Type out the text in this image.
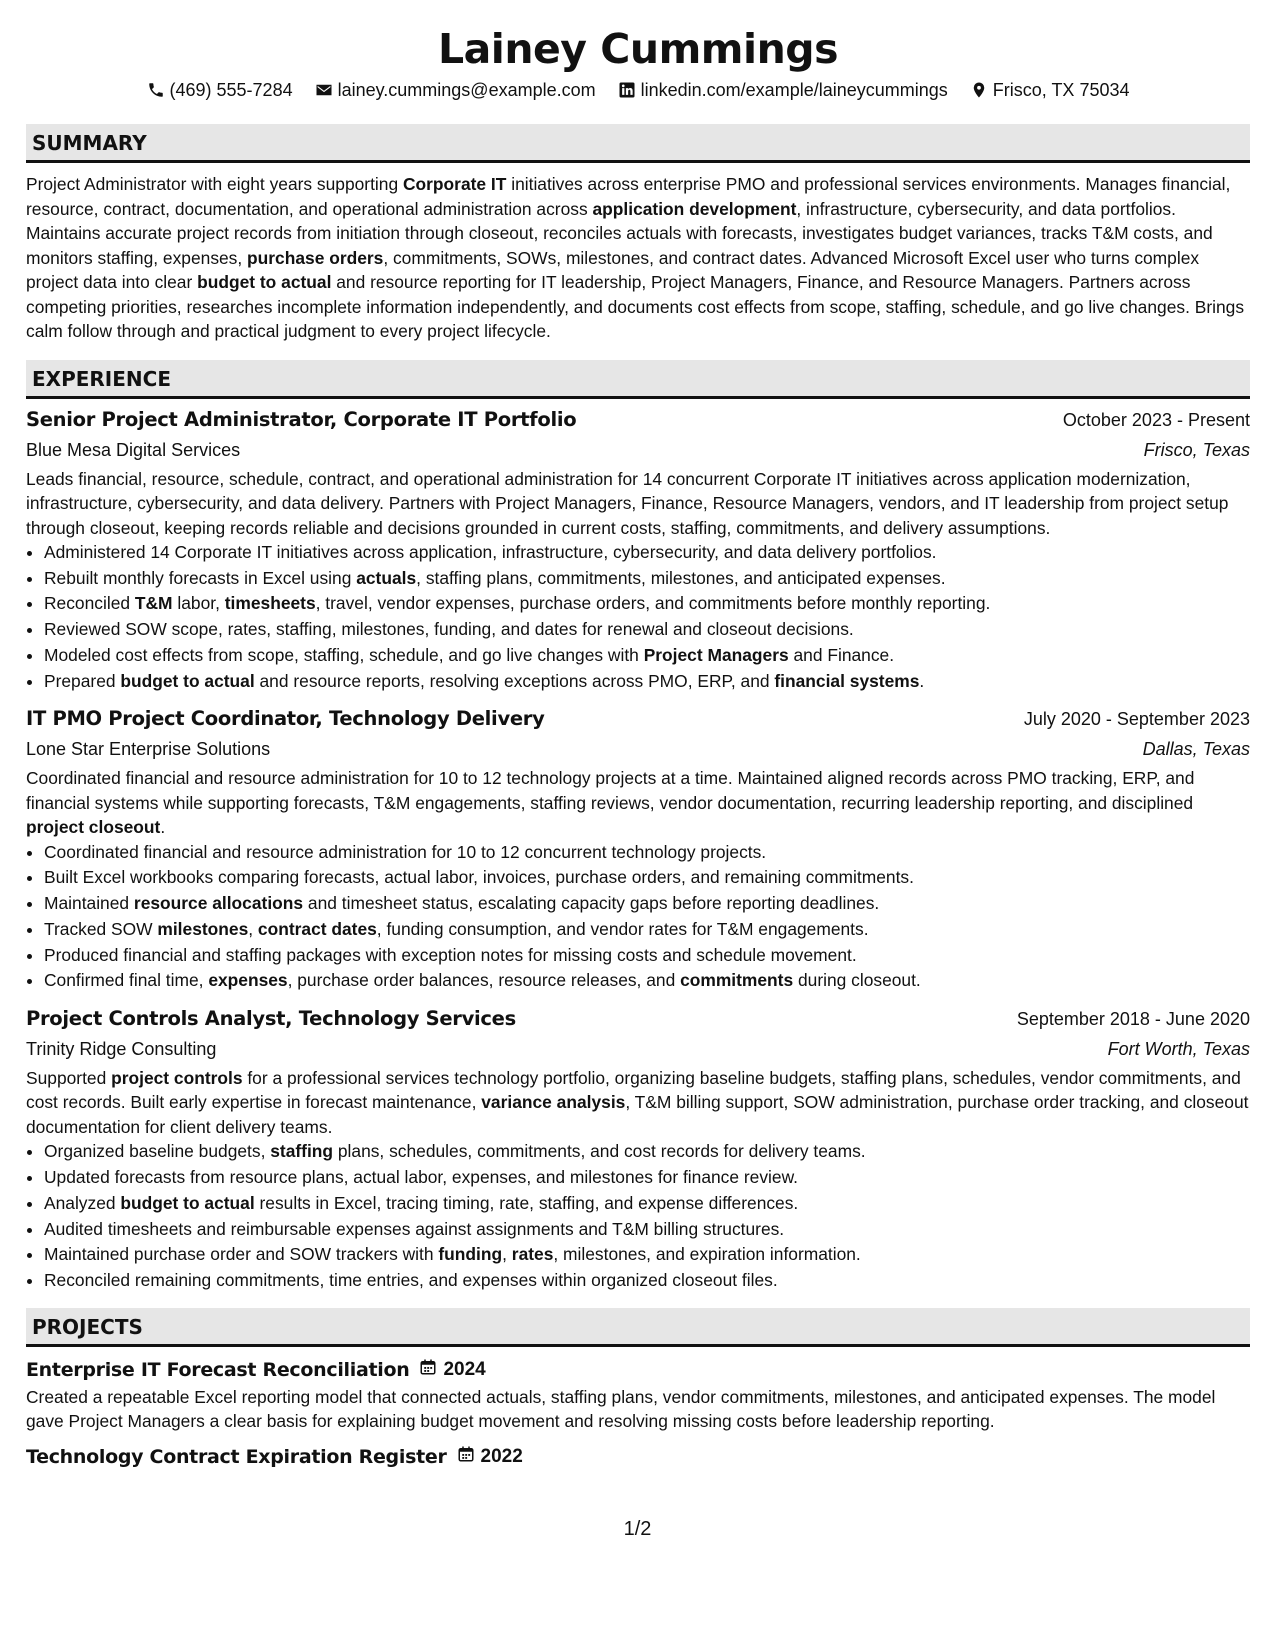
Lainey Cummings
(469) 555-7284	lainey.cummings@example.com	linkedin.com/example/laineycummings	Frisco, TX 75034
SUMMARY

Project Administrator with eight years supporting Corporate IT initiatives across enterprise PMO and professional services environments. Manages financial, resource, contract, documentation, and operational administration across application development, infrastructure, cybersecurity, and data portfolios. Maintains accurate project records from initiation through closeout, reconciles actuals with forecasts, investigates budget variances, tracks T&M costs, and monitors staffing, expenses, purchase orders, commitments, SOWs, milestones, and contract dates. Advanced Microsoft Excel user who turns complex project data into clear budget to actual and resource reporting for IT leadership, Project Managers, Finance, and Resource Managers. Partners across competing priorities, researches incomplete information independently, and documents cost effects from scope, staffing, schedule, and go live changes. Brings calm follow through and practical judgment to every project lifecycle.

EXPERIENCE
Senior Project Administrator, Corporate IT Portfolio	October 2023 - Present
Blue Mesa Digital Services	Frisco, Texas

Leads financial, resource, schedule, contract, and operational administration for 14 concurrent Corporate IT initiatives across application modernization, infrastructure, cybersecurity, and data delivery. Partners with Project Managers, Finance, Resource Managers, vendors, and IT leadership from project setup through closeout, keeping records reliable and decisions grounded in current costs, staffing, commitments, and delivery assumptions.

• Administered 14 Corporate IT initiatives across application, infrastructure, cybersecurity, and data delivery portfolios.
• Rebuilt monthly forecasts in Excel using actuals, staffing plans, commitments, milestones, and anticipated expenses.
• Reconciled T&M labor, timesheets, travel, vendor expenses, purchase orders, and commitments before monthly reporting.
• Reviewed SOW scope, rates, staffing, milestones, funding, and dates for renewal and closeout decisions.
• Modeled cost effects from scope, staffing, schedule, and go live changes with Project Managers and Finance.
• Prepared budget to actual and resource reports, resolving exceptions across PMO, ERP, and financial systems.
IT PMO Project Coordinator, Technology Delivery	July 2020 - September 2023
Lone Star Enterprise Solutions	Dallas, Texas

Coordinated financial and resource administration for 10 to 12 technology projects at a time. Maintained aligned records across PMO tracking, ERP, and financial systems while supporting forecasts, T&M engagements, staffing reviews, vendor documentation, recurring leadership reporting, and disciplined project closeout.

• Coordinated financial and resource administration for 10 to 12 concurrent technology projects.
• Built Excel workbooks comparing forecasts, actual labor, invoices, purchase orders, and remaining commitments.
• Maintained resource allocations and timesheet status, escalating capacity gaps before reporting deadlines.
• Tracked SOW milestones, contract dates, funding consumption, and vendor rates for T&M engagements.
• Produced financial and staffing packages with exception notes for missing costs and schedule movement.
• Confirmed final time, expenses, purchase order balances, resource releases, and commitments during closeout.
Project Controls Analyst, Technology Services	September 2018 - June 2020
Trinity Ridge Consulting	Fort Worth, Texas

Supported project controls for a professional services technology portfolio, organizing baseline budgets, staffing plans, schedules, vendor commitments, and cost records. Built early expertise in forecast maintenance, variance analysis, T&M billing support, SOW administration, purchase order tracking, and closeout documentation for client delivery teams.

• Organized baseline budgets, staffing plans, schedules, commitments, and cost records for delivery teams.
• Updated forecasts from resource plans, actual labor, expenses, and milestones for finance review.
• Analyzed budget to actual results in Excel, tracing timing, rate, staffing, and expense differences.
• Audited timesheets and reimbursable expenses against assignments and T&M billing structures.
• Maintained purchase order and SOW trackers with funding, rates, milestones, and expiration information.
• Reconciled remaining commitments, time entries, and expenses within organized closeout files.
PROJECTS
Enterprise IT Forecast Reconciliation 2024

Created a repeatable Excel reporting model that connected actuals, staffing plans, vendor commitments, milestones, and anticipated expenses. The model gave Project Managers a clear basis for explaining budget movement and resolving missing costs before leadership reporting.

Technology Contract Expiration Register 2022
1/2
